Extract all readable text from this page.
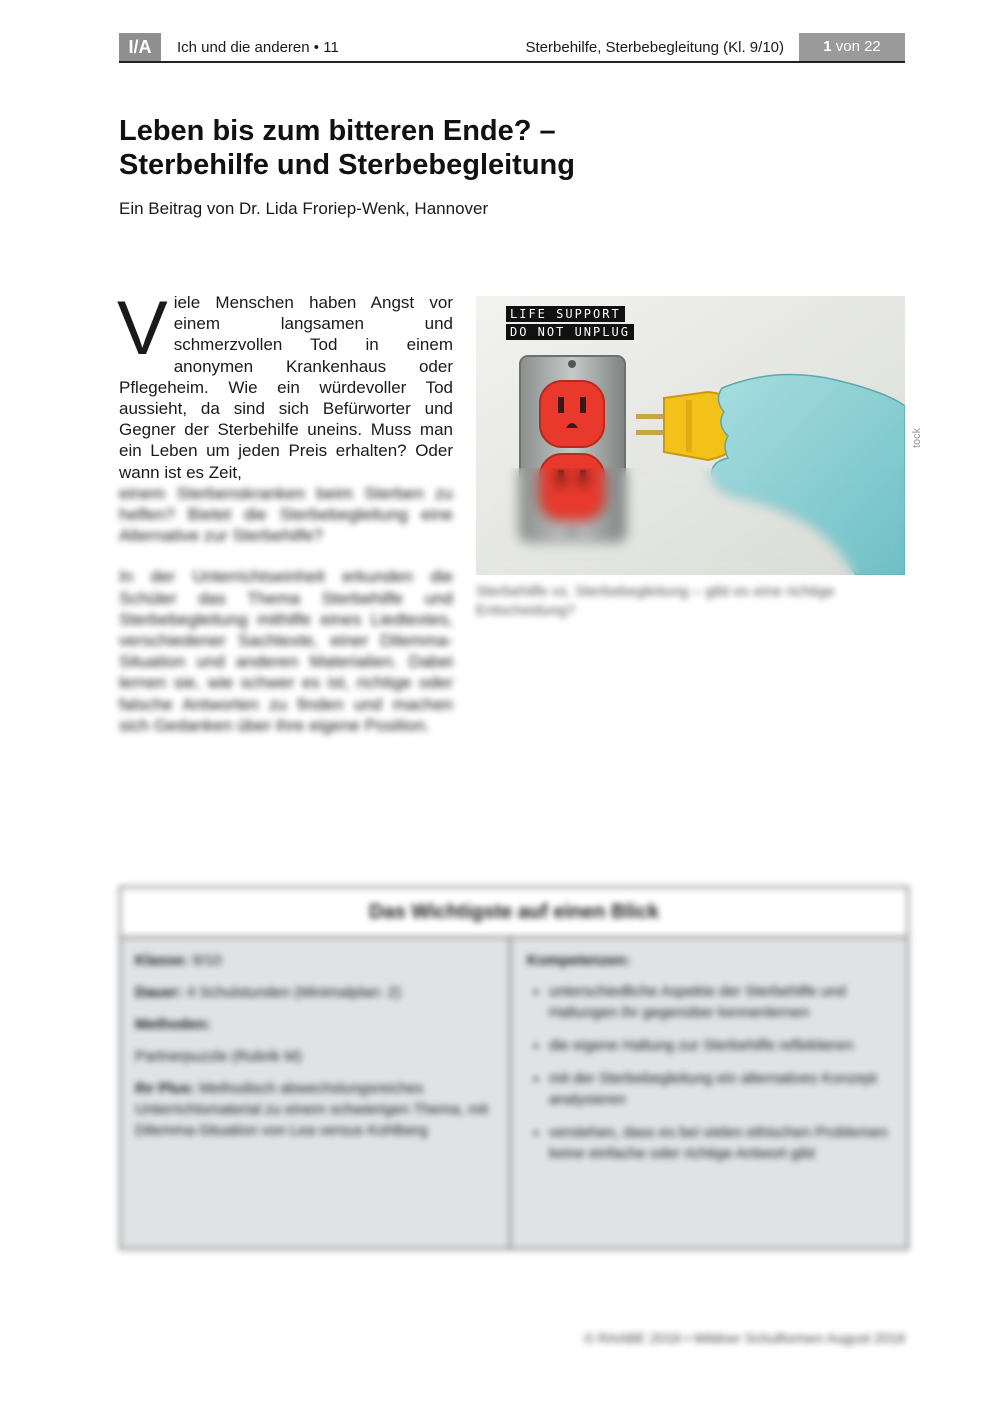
I/A	Ich und die anderen • 11	Sterbehilfe, Sterbebegleitung (Kl. 9/10)	1 von 22
Leben bis zum bitteren Ende? –
Sterbehilfe und Sterbebegleitung
Ein Beitrag von Dr. Lida Froriep-Wenk, Hannover

Viele Menschen haben Angst vor einem langsamen und schmerzvollen Tod in einem anonymen Krankenhaus oder Pflegeheim. Wie ein würdevoller Tod aussieht, da sind sich Befürworter und Gegner der Sterbehilfe uneins. Muss man ein Leben um jeden Preis erhalten? Oder wann ist es Zeit,

einem Sterbenskranken beim Sterben zu helfen? Bietet die Sterbebegleitung eine Alternative zur Sterbehilfe?

In der Unterrichtseinheit erkunden die Schüler das Thema Sterbehilfe und Sterbebegleitung mithilfe eines Liedtextes, verschiedener Sachtexte, einer Dilemma-Situation und anderen Materialien. Dabei lernen sie, wie schwer es ist, richtige oder falsche Antworten zu finden und machen sich Gedanken über ihre eigene Position.

LIFE SUPPORT
DO NOT UNPLUG
tock
Sterbehilfe vs. Sterbebegleitung – gibt es eine richtige Entscheidung?
Das Wichtigste auf einen Blick

Klasse: 9/10

Dauer: 4 Schulstunden (Minimalplan: 2)

Methoden:

Partnerpuzzle (Rubrik M)

Ihr Plus: Methodisch abwechslungsreiches Unterrichtsmaterial zu einem schwierigen Thema, mit Dilemma-Situation von Lea versus Kohlberg

Kompetenzen:
• unterschiedliche Aspekte der Sterbehilfe und Haltungen ihr gegenüber kennenlernen
• die eigene Haltung zur Sterbehilfe reflektieren
• mit der Sterbebegleitung ein alternatives Konzept analysieren
• verstehen, dass es bei vielen ethischen Problemen keine einfache oder richtige Antwort gibt
© RAABE 2018 • Wildner Schulformen August 2018
